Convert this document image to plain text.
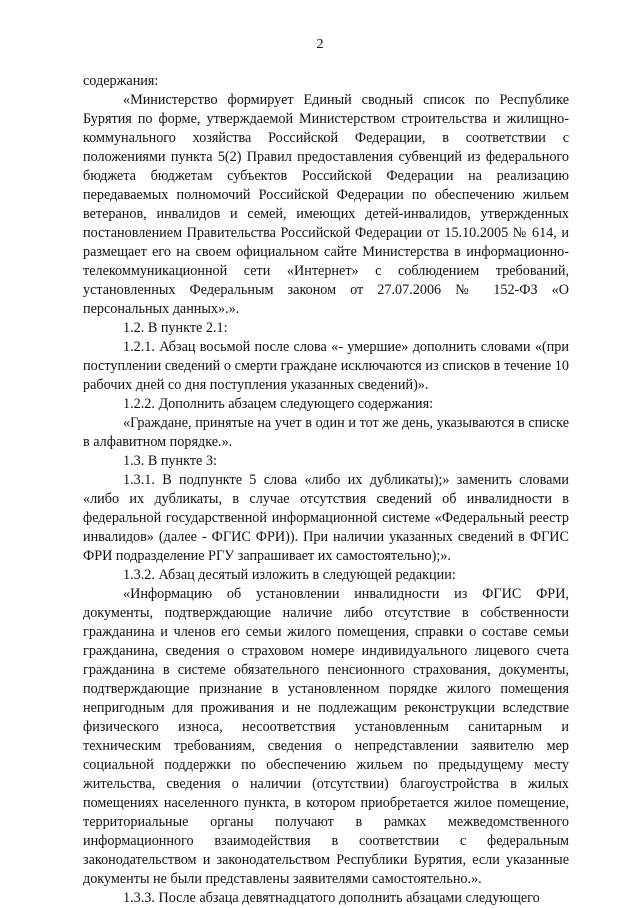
2

содержания:

«Министерство формирует Единый сводный список по Республике Бурятия по форме, утверждаемой Министерством строительства и жилищно-коммунального хозяйства Российской Федерации, в соответствии с положениями пункта 5(2) Правил предоставления субвенций из федерального бюджета бюджетам субъектов Российской Федерации на реализацию передаваемых полномочий Российской Федерации по обеспечению жильем ветеранов, инвалидов и семей, имеющих детей-инвалидов, утвержденных постановлением Правительства Российской Федерации от 15.10.2005 № 614, и размещает его на своем официальном сайте Министерства в информационно-телекоммуникационной сети «Интернет» с соблюдением требований, установленных Федеральным законом от 27.07.2006 № 152-ФЗ «О персональных данных».».

1.2. В пункте 2.1:

1.2.1. Абзац восьмой после слова «- умершие» дополнить словами «(при поступлении сведений о смерти граждане исключаются из списков в течение 10 рабочих дней со дня поступления указанных сведений)».

1.2.2. Дополнить абзацем следующего содержания:

«Граждане, принятые на учет в один и тот же день, указываются в списке в алфавитном порядке.».

1.3. В пункте 3:

1.3.1. В подпункте 5 слова «либо их дубликаты);» заменить словами «либо их дубликаты, в случае отсутствия сведений об инвалидности в федеральной государственной информационной системе «Федеральный реестр инвалидов» (далее - ФГИС ФРИ)). При наличии указанных сведений в ФГИС ФРИ подразделение РГУ запрашивает их самостоятельно);».

1.3.2. Абзац десятый изложить в следующей редакции:

«Информацию об установлении инвалидности из ФГИС ФРИ, документы, подтверждающие наличие либо отсутствие в собственности гражданина и членов его семьи жилого помещения, справки о составе семьи гражданина, сведения о страховом номере индивидуального лицевого счета гражданина в системе обязательного пенсионного страхования, документы, подтверждающие признание в установленном порядке жилого помещения непригодным для проживания и не подлежащим реконструкции вследствие физического износа, несоответствия установленным санитарным и техническим требованиям, сведения о непредставлении заявителю мер социальной поддержки по обеспечению жильем по предыдущему месту жительства, сведения о наличии (отсутствии) благоустройства в жилых помещениях населенного пункта, в котором приобретается жилое помещение, территориальные органы получают в рамках межведомственного информационного взаимодействия в соответствии с федеральным законодательством и законодательством Республики Бурятия, если указанные документы не были представлены заявителями самостоятельно.».

1.3.3. После абзаца девятнадцатого дополнить абзацами следующего
